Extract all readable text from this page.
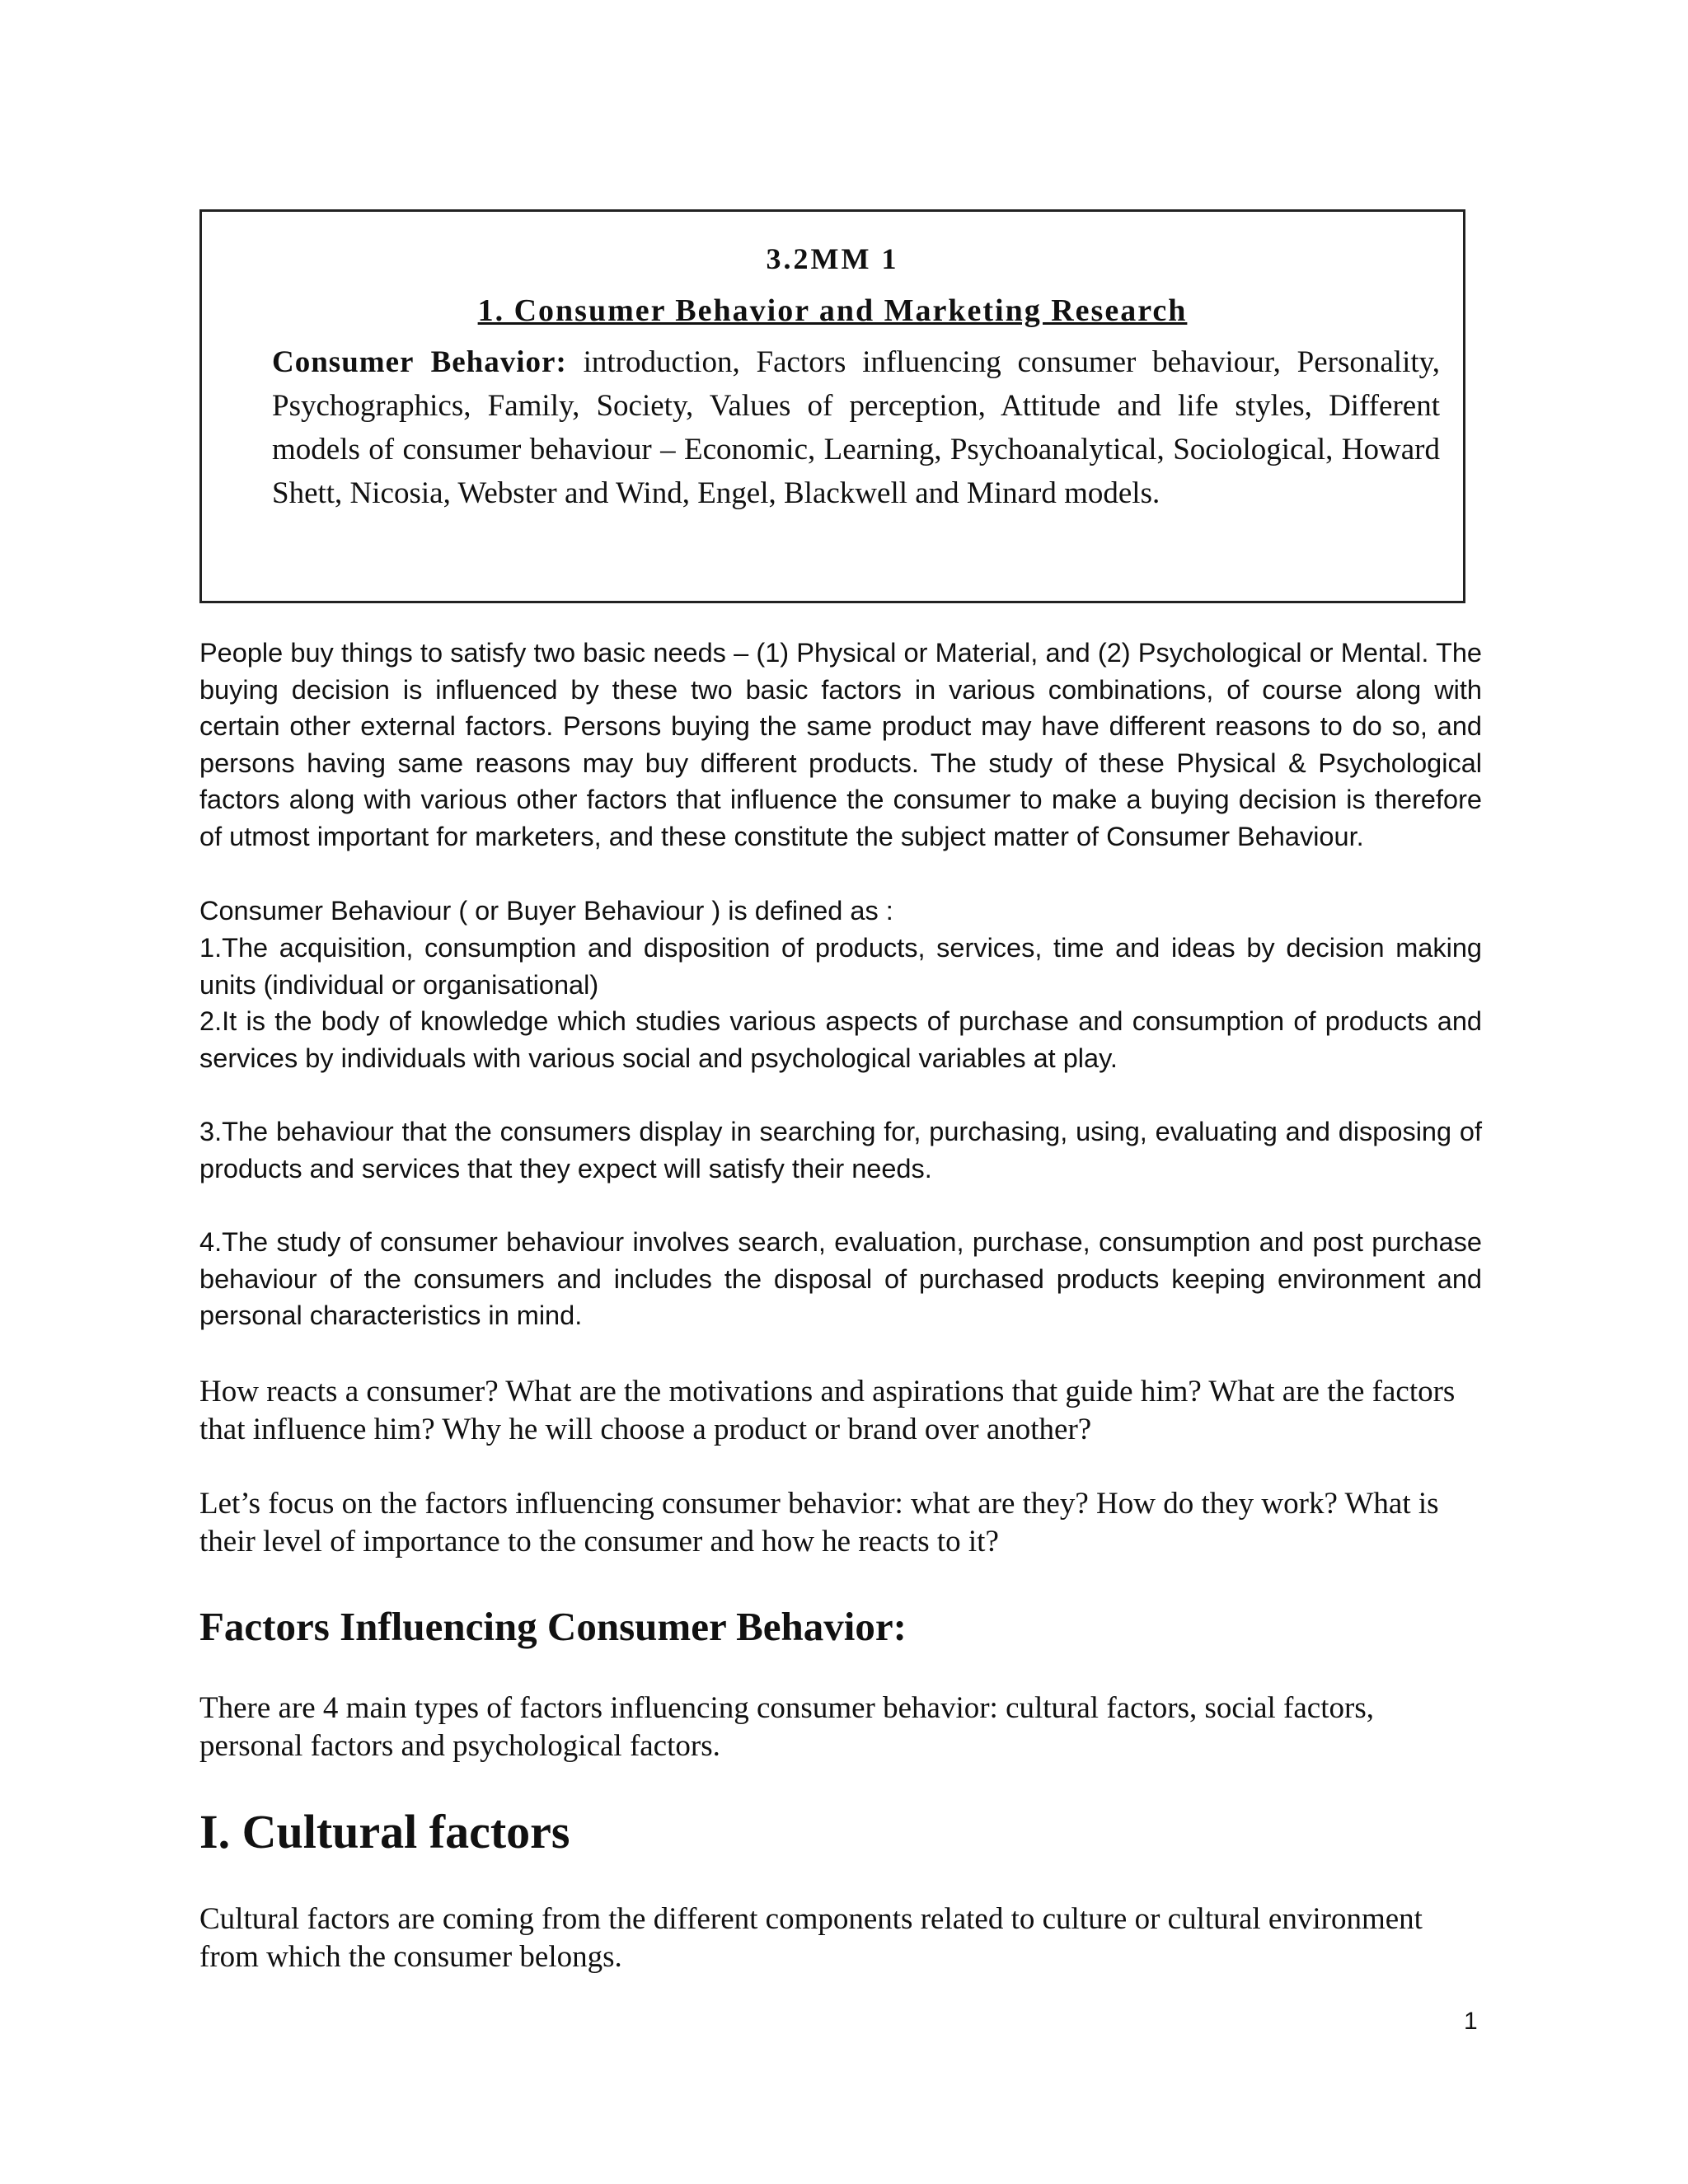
3.2MM 1
1. Consumer Behavior and Marketing Research
Consumer Behavior: introduction, Factors influencing consumer behaviour, Personality, Psychographics, Family, Society, Values of perception, Attitude and life styles, Different models of consumer behaviour – Economic, Learning, Psychoanalytical, Sociological, Howard Shett, Nicosia, Webster and Wind, Engel, Blackwell and Minard models.

People buy things to satisfy two basic needs – (1) Physical or Material, and (2) Psychological or Mental. The buying decision is influenced by these two basic factors in various combinations, of course along with certain other external factors. Persons buying the same product may have different reasons to do so, and persons having same reasons may buy different products. The study of these Physical & Psychological factors along with various other factors that influence the consumer to make a buying decision is therefore of utmost important for marketers, and these constitute the subject matter of Consumer Behaviour.

Consumer Behaviour ( or Buyer Behaviour ) is defined as :

1.The acquisition, consumption and disposition of products, services, time and ideas by decision making units (individual or organisational)

2.It is the body of knowledge which studies various aspects of purchase and consumption of products and services by individuals with various social and psychological variables at play.

3.The behaviour that the consumers display in searching for, purchasing, using, evaluating and disposing of products and services that they expect will satisfy their needs.

4.The study of consumer behaviour involves search, evaluation, purchase, consumption and post purchase behaviour of the consumers and includes the disposal of purchased products keeping environment and personal characteristics in mind.

How reacts a consumer? What are the motivations and aspirations that guide him? What are the factors that influence him? Why he will choose a product or brand over another?

Let’s focus on the factors influencing consumer behavior: what are they? How do they work? What is their level of importance to the consumer and how he reacts to it?

Factors Influencing Consumer Behavior:

There are 4 main types of factors influencing consumer behavior: cultural factors, social factors, personal factors and psychological factors.

I. Cultural factors

Cultural factors are coming from the different components related to culture or cultural environment from which the consumer belongs.

1
